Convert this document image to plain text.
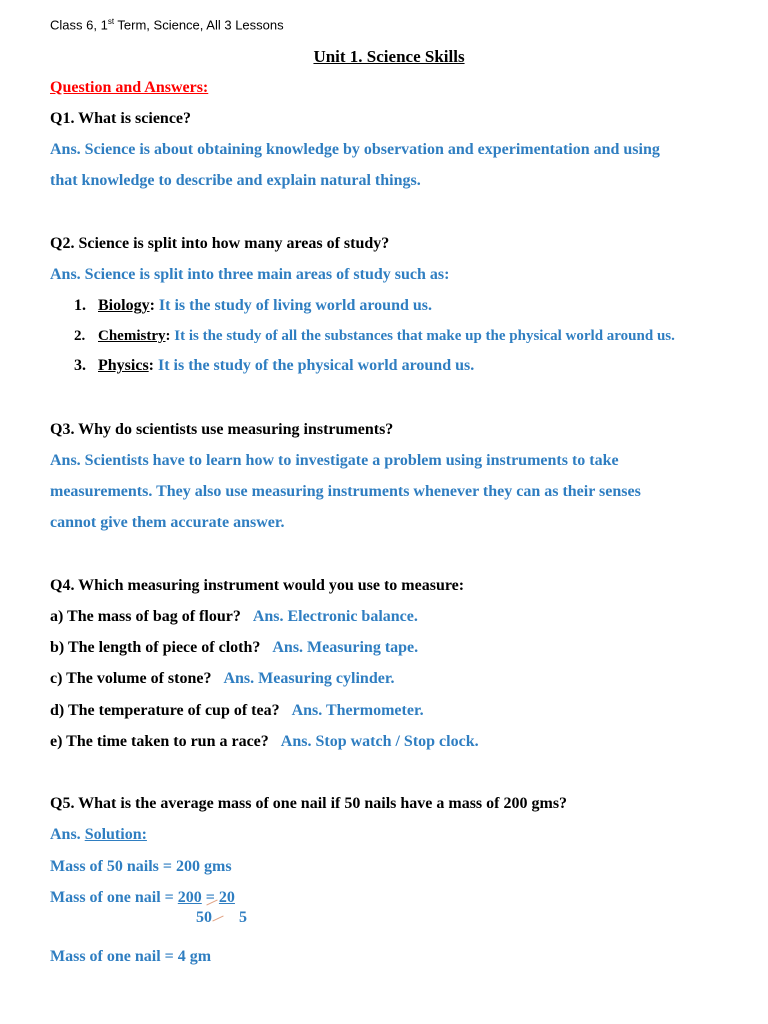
Class 6, 1st Term, Science, All 3 Lessons
Unit 1. Science Skills
Question and Answers:
Q1. What is science?
Ans. Science is about obtaining knowledge by observation and experimentation and using
that knowledge to describe and explain natural things.
Q2. Science is split into how many areas of study?
Ans. Science is split into three main areas of study such as:
1. Biology: It is the study of living world around us.
2. Chemistry: It is the study of all the substances that make up the physical world around us.
3. Physics: It is the study of the physical world around us.
Q3. Why do scientists use measuring instruments?
Ans. Scientists have to learn how to investigate a problem using instruments to take
measurements. They also use measuring instruments whenever they can as their senses
cannot give them accurate answer.
Q4. Which measuring instrument would you use to measure:
a) The mass of bag of flour? Ans. Electronic balance.
b) The length of piece of cloth? Ans. Measuring tape.
c) The volume of stone? Ans. Measuring cylinder.
d) The temperature of cup of tea? Ans. Thermometer.
e) The time taken to run a race? Ans. Stop watch / Stop clock.
Q5. What is the average mass of one nail if 50 nails have a mass of 200 gms?
Ans. Solution:
Mass of 50 nails = 200 gms
Mass of one nail = 200 = 20
50 5
Mass of one nail = 4 gm
